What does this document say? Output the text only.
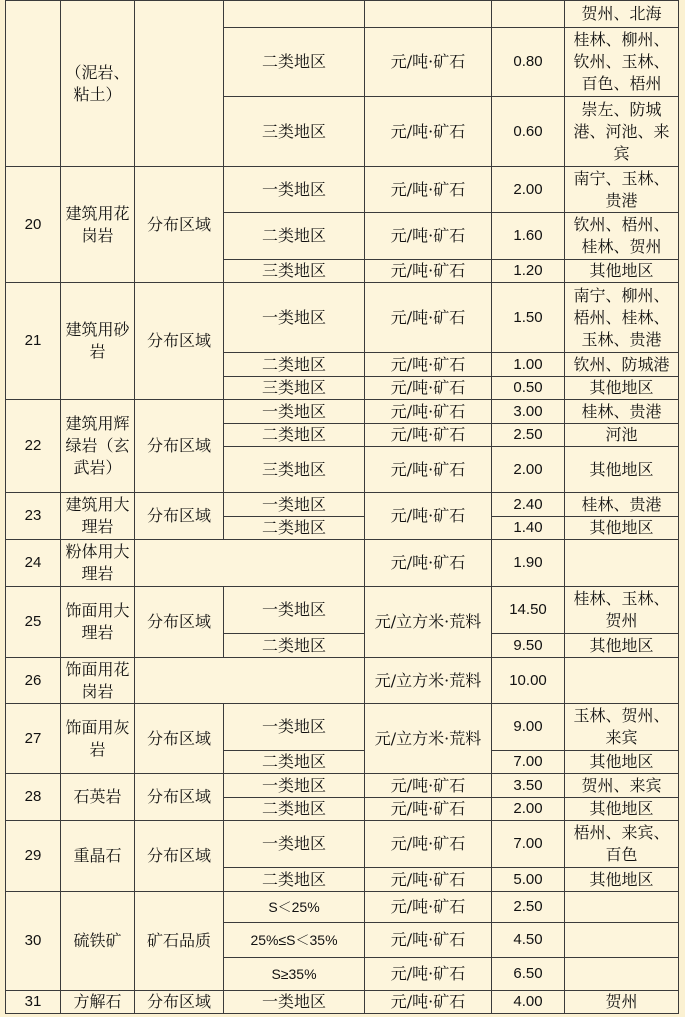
	（泥岩、粘土）					贺州、北海
			二类地区	元/吨·矿石	0.80	桂林、柳州、钦州、玉林、百色、梧州
			三类地区	元/吨·矿石	0.60	崇左、防城港、河池、来宾
20	建筑用花岗岩	分布区域	一类地区	元/吨·矿石	2.00	南宁、玉林、贵港
			二类地区	元/吨·矿石	1.60	钦州、梧州、桂林、贺州
			三类地区	元/吨·矿石	1.20	其他地区
21	建筑用砂岩	分布区域	一类地区	元/吨·矿石	1.50	南宁、柳州、梧州、桂林、玉林、贵港
			二类地区	元/吨·矿石	1.00	钦州、防城港
			三类地区	元/吨·矿石	0.50	其他地区
22	建筑用辉绿岩（玄武岩）	分布区域	一类地区	元/吨·矿石	3.00	桂林、贵港
			二类地区	元/吨·矿石	2.50	河池
			三类地区	元/吨·矿石	2.00	其他地区
23	建筑用大理岩	分布区域	一类地区	元/吨·矿石	2.40	桂林、贵港
			二类地区		1.40	其他地区
24	粉体用大理岩			元/吨·矿石	1.90	
25	饰面用大理岩	分布区域	一类地区	元/立方米·荒料	14.50	桂林、玉林、贺州
			二类地区		9.50	其他地区
26	饰面用花岗岩			元/立方米·荒料	10.00	
27	饰面用灰岩	分布区域	一类地区	元/立方米·荒料	9.00	玉林、贺州、来宾
			二类地区		7.00	其他地区
28	石英岩	分布区域	一类地区	元/吨·矿石	3.50	贺州、来宾
			二类地区	元/吨·矿石	2.00	其他地区
29	重晶石	分布区域	一类地区	元/吨·矿石	7.00	梧州、来宾、百色
			二类地区	元/吨·矿石	5.00	其他地区
30	硫铁矿	矿石品质	S＜25%	元/吨·矿石	2.50	
			25%≤S＜35%	元/吨·矿石	4.50	
			S≥35%	元/吨·矿石	6.50	
31	方解石	分布区域	一类地区	元/吨·矿石	4.00	贺州
